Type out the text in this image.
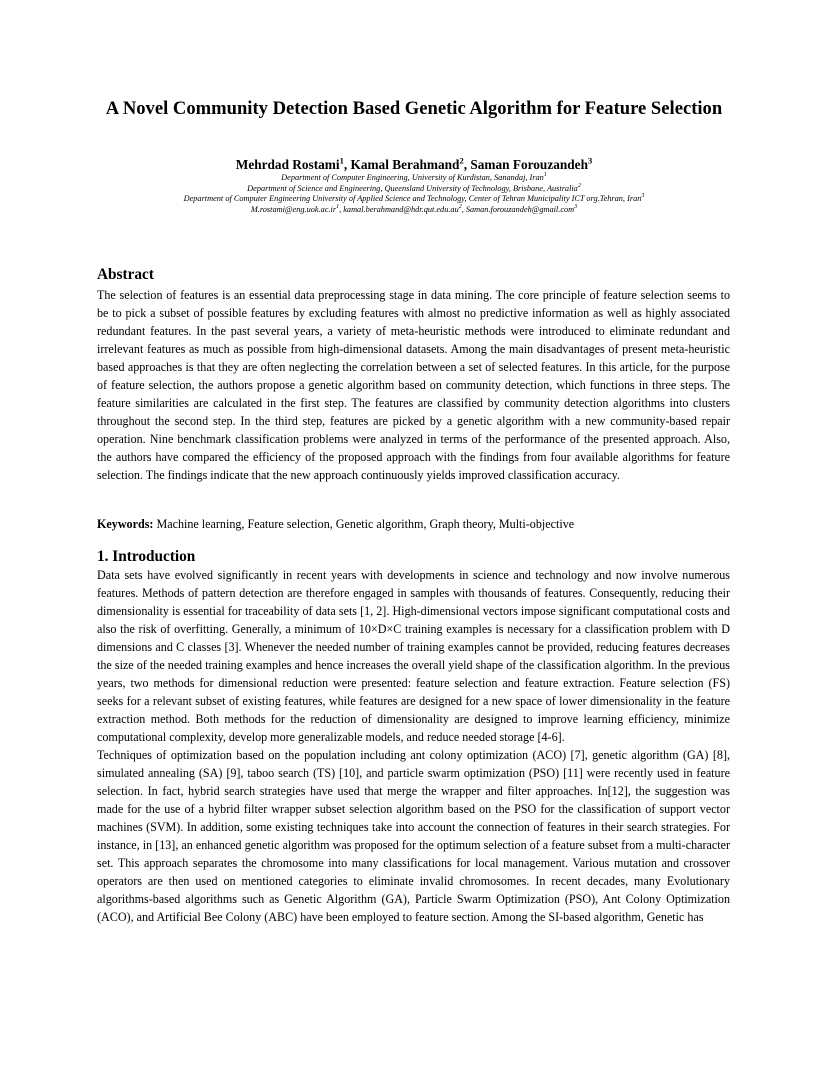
A Novel Community Detection Based Genetic Algorithm for Feature Selection
Mehrdad Rostami$^1$, Kamal Berahmand$^2$, Saman Forouzandeh$^3$
Department of Computer Engineering, University of Kurdistan, Sanandaj, Iran$^1$
Department of Science and Engineering, Queensland University of Technology, Brisbane, Australia$^2$
Department of Computer Engineering University of Applied Science and Technology, Center of Tehran Municipality ICT org.Tehran, Iran$^3$
$M.rostami@eng.uok.ac.ir^1$, $kamal.berahmand@hdr.qut.edu.au^2$, Saman.forouzandeh@gmail.com$^3$
Abstract
The selection of features is an essential data preprocessing stage in data mining. The core principle of feature selection seems to be to pick a subset of possible features by excluding features with almost no predictive information as well as highly associated redundant features. In the past several years, a variety of meta-heuristic methods were introduced to eliminate redundant and irrelevant features as much as possible from high-dimensional datasets. Among the main disadvantages of present meta-heuristic based approaches is that they are often neglecting the correlation between a set of selected features. In this article, for the purpose of feature selection, the authors propose a genetic algorithm based on community detection, which functions in three steps. The feature similarities are calculated in the first step. The features are classified by community detection algorithms into clusters throughout the second step. In the third step, features are picked by a genetic algorithm with a new community-based repair operation. Nine benchmark classification problems were analyzed in terms of the performance of the presented approach. Also, the authors have compared the efficiency of the proposed approach with the findings from four available algorithms for feature selection. The findings indicate that the new approach continuously yields improved classification accuracy.
Keywords: Machine learning, Feature selection, Genetic algorithm, Graph theory, Multi-objective
1. Introduction

Data sets have evolved significantly in recent years with developments in science and technology and now involve numerous features. Methods of pattern detection are therefore engaged in samples with thousands of features. Consequently, reducing their dimensionality is essential for traceability of data sets [1, 2]. High-dimensional vectors impose significant computational costs and also the risk of overfitting. Generally, a minimum of 10×D×C training examples is necessary for a classification problem with D dimensions and C classes [3]. Whenever the needed number of training examples cannot be provided, reducing features decreases the size of the needed training examples and hence increases the overall yield shape of the classification algorithm. In the previous years, two methods for dimensional reduction were presented: feature selection and feature extraction. Feature selection (FS) seeks for a relevant subset of existing features, while features are designed for a new space of lower dimensionality in the feature extraction method. Both methods for the reduction of dimensionality are designed to improve learning efficiency, minimize computational complexity, develop more generalizable models, and reduce needed storage [4-6].

Techniques of optimization based on the population including ant colony optimization (ACO) [7], genetic algorithm (GA) [8], simulated annealing (SA) [9], taboo search (TS) [10], and particle swarm optimization (PSO) [11] were recently used in feature selection. In fact, hybrid search strategies have used that merge the wrapper and filter approaches. In[12], the suggestion was made for the use of a hybrid filter wrapper subset selection algorithm based on the PSO for the classification of support vector machines (SVM). In addition, some existing techniques take into account the connection of features in their search strategies. For instance, in [13], an enhanced genetic algorithm was proposed for the optimum selection of a feature subset from a multi-character set. This approach separates the chromosome into many classifications for local management. Various mutation and crossover operators are then used on mentioned categories to eliminate invalid chromosomes. In recent decades, many Evolutionary algorithms-based algorithms such as Genetic Algorithm (GA), Particle Swarm Optimization (PSO), Ant Colony Optimization (ACO), and Artificial Bee Colony (ABC) have been employed to feature section. Among the SI-based algorithm, Genetic has
